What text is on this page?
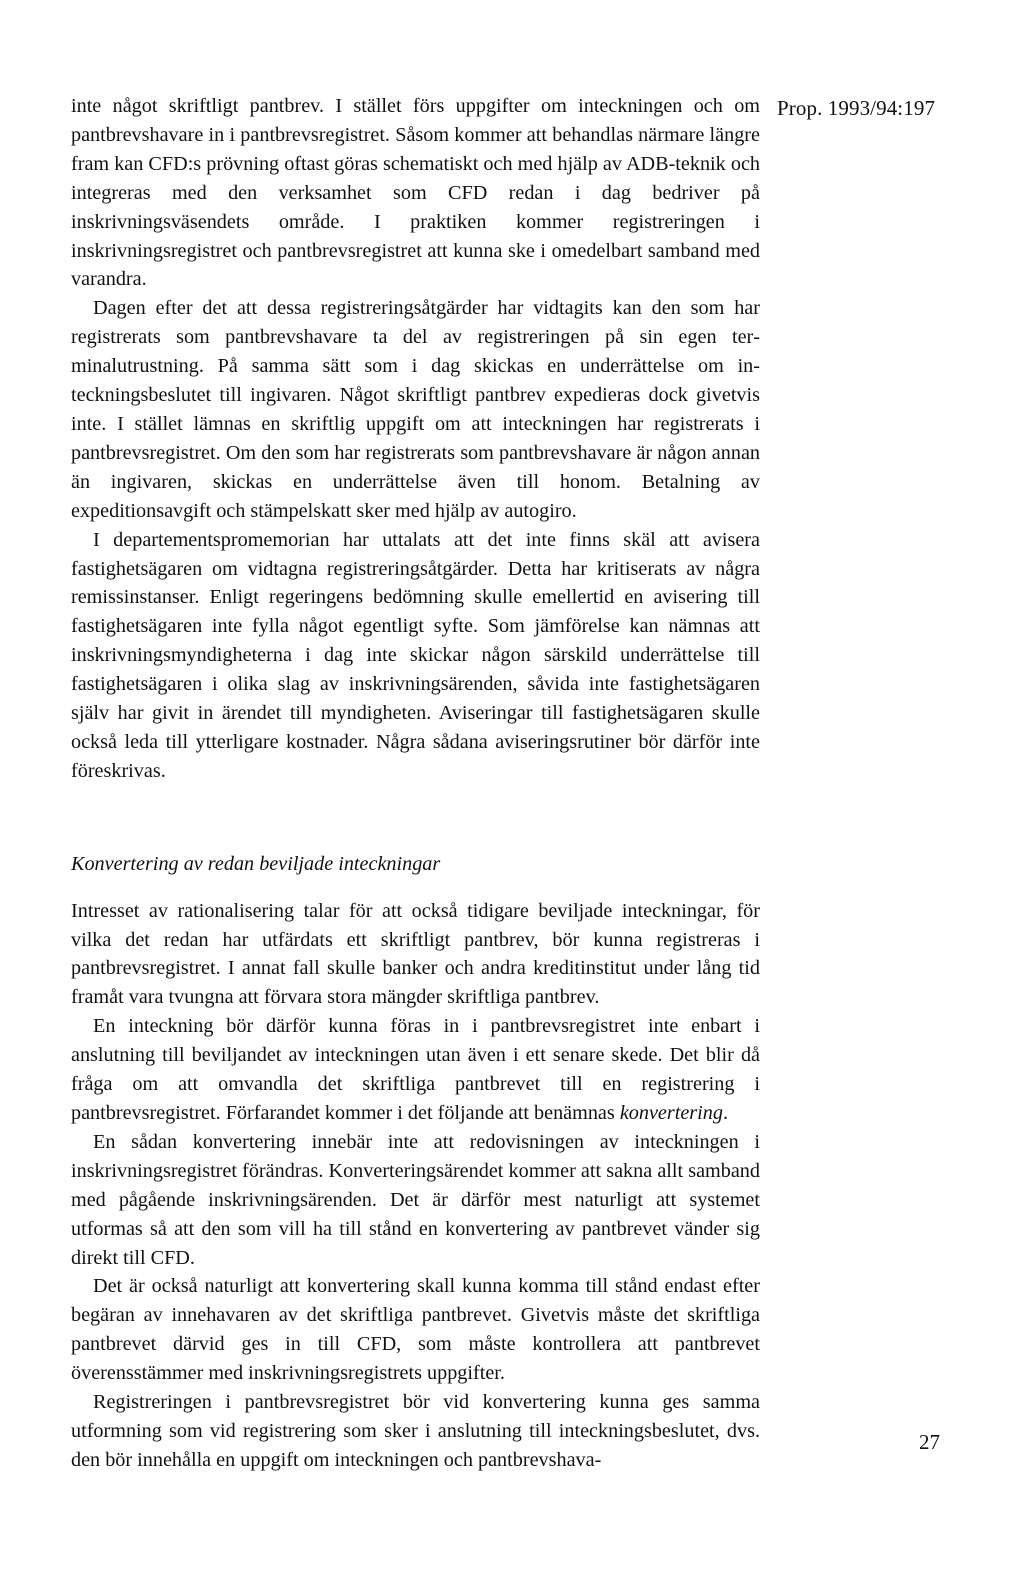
Prop. 1993/94:197

inte något skriftligt pantbrev. I stället förs uppgifter om inteckningen och om pantbrevshavare in i pantbrevsregistret. Såsom kommer att behandlas närmare längre fram kan CFD:s prövning oftast göras schematiskt och med hjälp av ADB-teknik och integreras med den verksamhet som CFD redan i dag bedriver på inskrivningsväsendets område. I praktiken kommer registreringen i inskrivningsregistret och pantbrevsregistret att kunna ske i omedelbart samband med varandra.

Dagen efter det att dessa registreringsåtgärder har vidtagits kan den som har registrerats som pantbrevshavare ta del av registreringen på sin egen terminalutrustning. På samma sätt som i dag skickas en underrättelse om inteckningsbeslutet till ingivaren. Något skriftligt pantbrev expedieras dock givetvis inte. I stället lämnas en skriftlig uppgift om att inteckningen har registrerats i pantbrevsregistret. Om den som har registrerats som pantbrevshavare är någon annan än ingivaren, skickas en underrättelse även till honom. Betalning av expeditionsavgift och stämpelskatt sker med hjälp av autogiro.

I departementspromemorian har uttalats att det inte finns skäl att avisera fastighetsägaren om vidtagna registreringsåtgärder. Detta har kritiserats av några remissinstanser. Enligt regeringens bedömning skulle emellertid en avisering till fastighetsägaren inte fylla något egentligt syfte. Som jämförelse kan nämnas att inskrivningsmyndigheterna i dag inte skickar någon särskild underrättelse till fastighetsägaren i olika slag av inskrivningsärenden, såvida inte fastighetsägaren själv har givit in ärendet till myndigheten. Aviseringar till fastighetsägaren skulle också leda till ytterligare kostnader. Några sådana aviseringsrutiner bör därför inte föreskrivas.

Konvertering av redan beviljade inteckningar

Intresset av rationalisering talar för att också tidigare beviljade inteckningar, för vilka det redan har utfärdats ett skriftligt pantbrev, bör kunna registreras i pantbrevsregistret. I annat fall skulle banker och andra kreditinstitut under lång tid framåt vara tvungna att förvara stora mängder skriftliga pantbrev.

En inteckning bör därför kunna föras in i pantbrevsregistret inte enbart i anslutning till beviljandet av inteckningen utan även i ett senare skede. Det blir då fråga om att omvandla det skriftliga pantbrevet till en registrering i pantbrevsregistret. Förfarandet kommer i det följande att benämnas konvertering.

En sådan konvertering innebär inte att redovisningen av inteckningen i inskrivningsregistret förändras. Konverteringsärendet kommer att sakna allt samband med pågående inskrivningsärenden. Det är därför mest naturligt att systemet utformas så att den som vill ha till stånd en konvertering av pantbrevet vänder sig direkt till CFD.

Det är också naturligt att konvertering skall kunna komma till stånd endast efter begäran av innehavaren av det skriftliga pantbrevet. Givetvis måste det skriftliga pantbrevet därvid ges in till CFD, som måste kontrollera att pantbrevet överensstämmer med inskrivningsregistrets uppgifter.

Registreringen i pantbrevsregistret bör vid konvertering kunna ges samma utformning som vid registrering som sker i anslutning till inteckningsbeslutet, dvs. den bör innehålla en uppgift om inteckningen och pantbrevshava-

27
